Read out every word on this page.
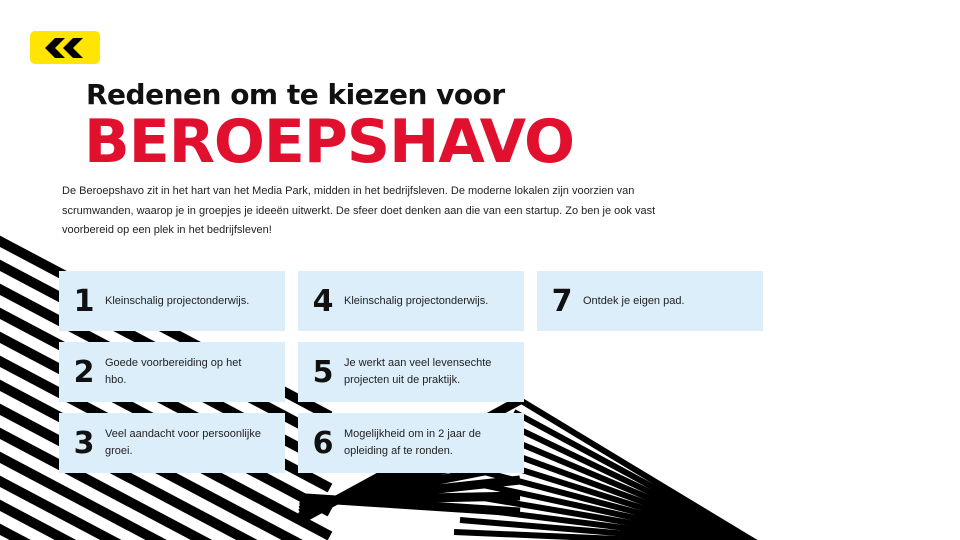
Redenen om te kiezen voor
BEROEPSHAVO
De Beroepshavo zit in het hart van het Media Park, midden in het bedrijfsleven. De moderne lokalen zijn voorzien van scrumwanden, waarop je in groepjes je ideeën uitwerkt. De sfeer doet denken aan die van een startup. Zo ben je ook vast voorbereid op een plek in het bedrijfsleven!
1 Kleinschalig projectonderwijs.
2 Goede voorbereiding op het hbo.
3 Veel aandacht voor persoonlijke groei.
4 Kleinschalig projectonderwijs.
5 Je werkt aan veel levensechte projecten uit de praktijk.
6 Mogelijkheid om in 2 jaar de opleiding af te ronden.
7 Ontdek je eigen pad.
